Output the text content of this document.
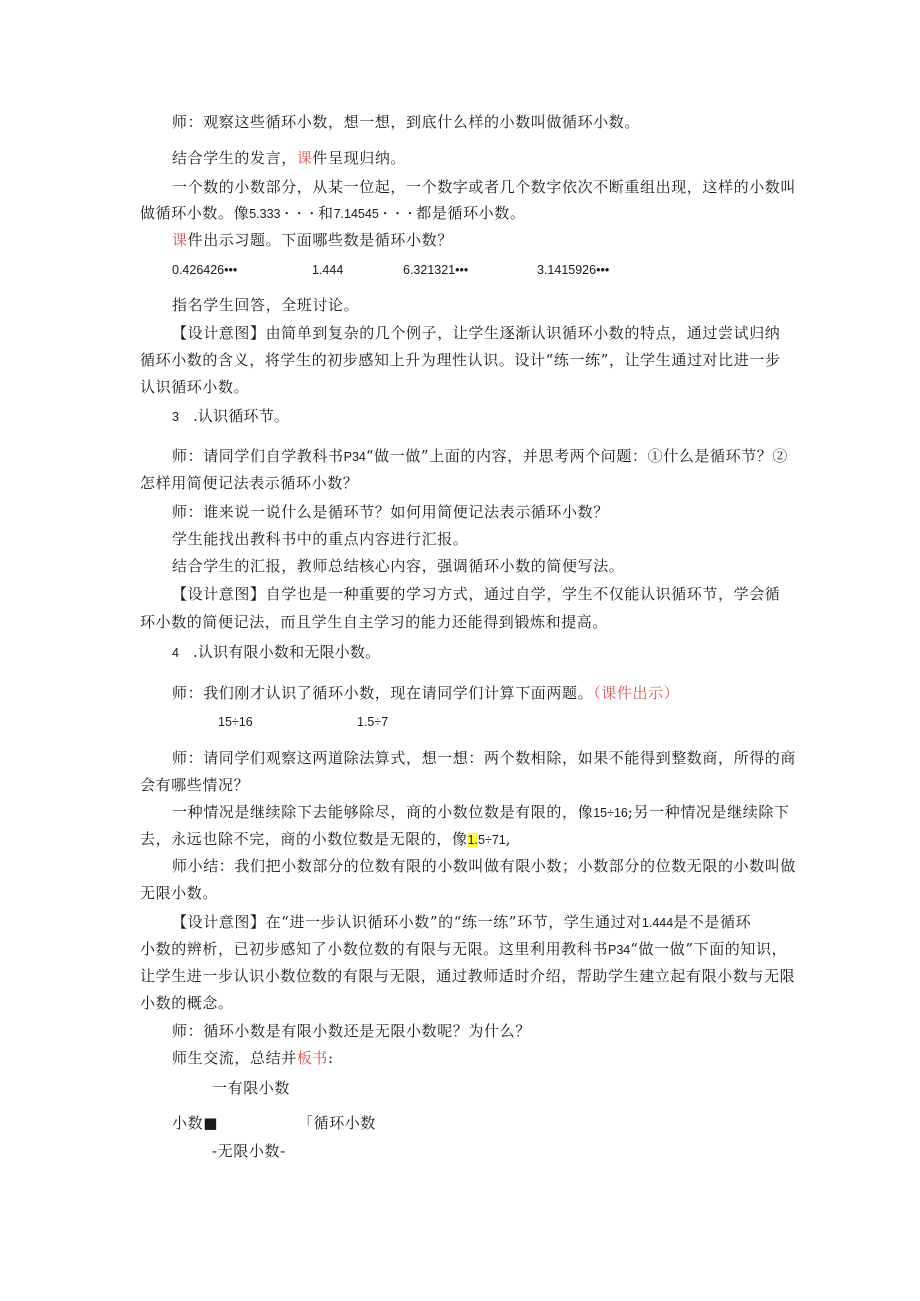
师：观察这些循环小数，想一想，到底什么样的小数叫做循环小数。
结合学生的发言，课件呈现归纳。
一个数的小数部分，从某一位起，一个数字或者几个数字依次不断重组出现，这样的小数叫
做循环小数。像5.333・・・和7.14545・・・都是循环小数。
课件出示习题。下面哪些数是循环小数？
0.426426•••	1.444	6.321321•••	3.1415926•••
指名学生回答，全班讨论。
【设计意图】由简单到复杂的几个例子，让学生逐渐认识循环小数的特点，通过尝试归纳
循环小数的含义，将学生的初步感知上升为理性认识。设计“练一练”，让学生通过对比进一步
认识循环小数。
3 .认识循环节。
师：请同学们自学教科书P34“做一做”上面的内容，并思考两个问题：①什么是循环节？②
怎样用简便记法表示循环小数？
师：谁来说一说什么是循环节？如何用简便记法表示循环小数？
学生能找出教科书中的重点内容进行汇报。
结合学生的汇报，教师总结核心内容，强调循环小数的简便写法。
【设计意图】自学也是一种重要的学习方式，通过自学，学生不仅能认识循环节，学会循
环小数的简便记法，而且学生自主学习的能力还能得到锻炼和提高。
4 .认识有限小数和无限小数。
师：我们刚才认识了循环小数，现在请同学们计算下面两题。（课件出示）
15÷16	1.5÷7
师：请同学们观察这两道除法算式，想一想：两个数相除，如果不能得到整数商，所得的商
会有哪些情况？
一种情况是继续除下去能够除尽，商的小数位数是有限的，像15÷16;另一种情况是继续除下
去，永远也除不完，商的小数位数是无限的，像1.5÷71,
师小结：我们把小数部分的位数有限的小数叫做有限小数；小数部分的位数无限的小数叫做
无限小数。
【设计意图】在“进一步认识循环小数”的“练一练”环节，学生通过对1.444是不是循环
小数的辨析，已初步感知了小数位数的有限与无限。这里利用教科书P34“做一做”下面的知识，
让学生进一步认识小数位数的有限与无限，通过教师适时介绍，帮助学生建立起有限小数与无限
小数的概念。
师：循环小数是有限小数还是无限小数呢？为什么？
师生交流，总结并板书:
一有限小数
小数■	「循环小数
-无限小数-
